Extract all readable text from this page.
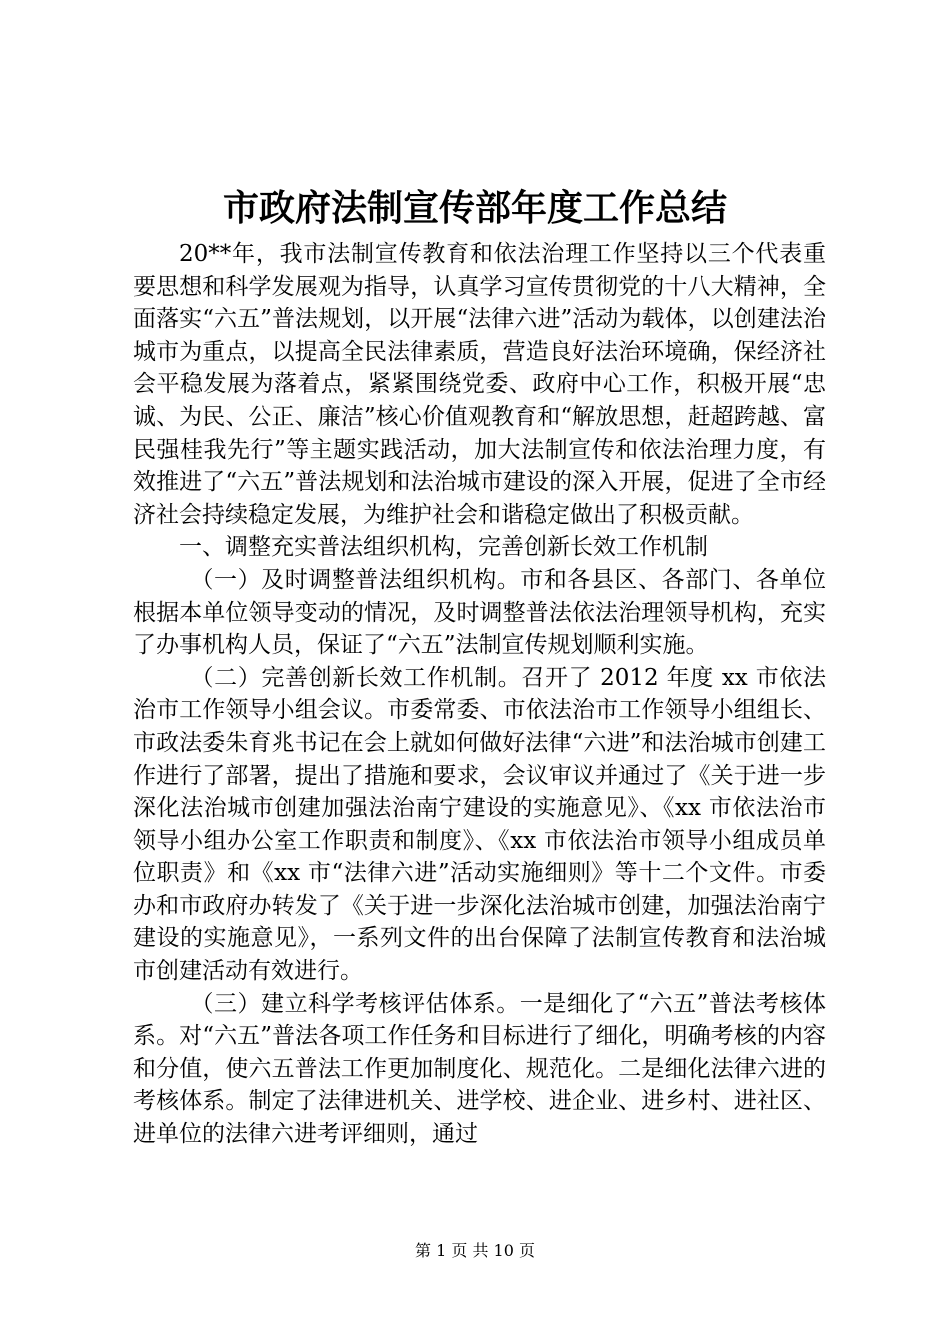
市政府法制宣传部年度工作总结

20**年，我市法制宣传教育和依法治理工作坚持以三个代表重要思想和科学发展观为指导，认真学习宣传贯彻党的十八大精神，全面落实“六五”普法规划，以开展“法律六进”活动为载体，以创建法治城市为重点，以提高全民法律素质，营造良好法治环境确，保经济社会平稳发展为落着点，紧紧围绕党委、政府中心工作，积极开展“忠诚、为民、公正、廉洁”核心价值观教育和“解放思想，赶超跨越、富民强桂我先行”等主题实践活动，加大法制宣传和依法治理力度，有效推进了“六五”普法规划和法治城市建设的深入开展，促进了全市经济社会持续稳定发展，为维护社会和谐稳定做出了积极贡献。

一、调整充实普法组织机构，完善创新长效工作机制

（一）及时调整普法组织机构。市和各县区、各部门、各单位根据本单位领导变动的情况，及时调整普法依法治理领导机构，充实了办事机构人员，保证了“六五”法制宣传规划顺利实施。

（二）完善创新长效工作机制。召开了 2012 年度 xx 市依法治市工作领导小组会议。市委常委、市依法治市工作领导小组组长、市政法委朱育兆书记在会上就如何做好法律“六进”和法治城市创建工作进行了部署，提出了措施和要求，会议审议并通过了《关于进一步深化法治城市创建加强法治南宁建设的实施意见》、《xx 市依法治市领导小组办公室工作职责和制度》、《xx 市依法治市领导小组成员单位职责》和《xx 市“法律六进”活动实施细则》等十二个文件。市委办和市政府办转发了《关于进一步深化法治城市创建，加强法治南宁建设的实施意见》，一系列文件的出台保障了法制宣传教育和法治城市创建活动有效进行。

（三）建立科学考核评估体系。一是细化了“六五”普法考核体系。对“六五”普法各项工作任务和目标进行了细化，明确考核的内容和分值，使六五普法工作更加制度化、规范化。二是细化法律六进的考核体系。制定了法律进机关、进学校、进企业、进乡村、进社区、进单位的法律六进考评细则，通过

第 1 页 共 10 页
